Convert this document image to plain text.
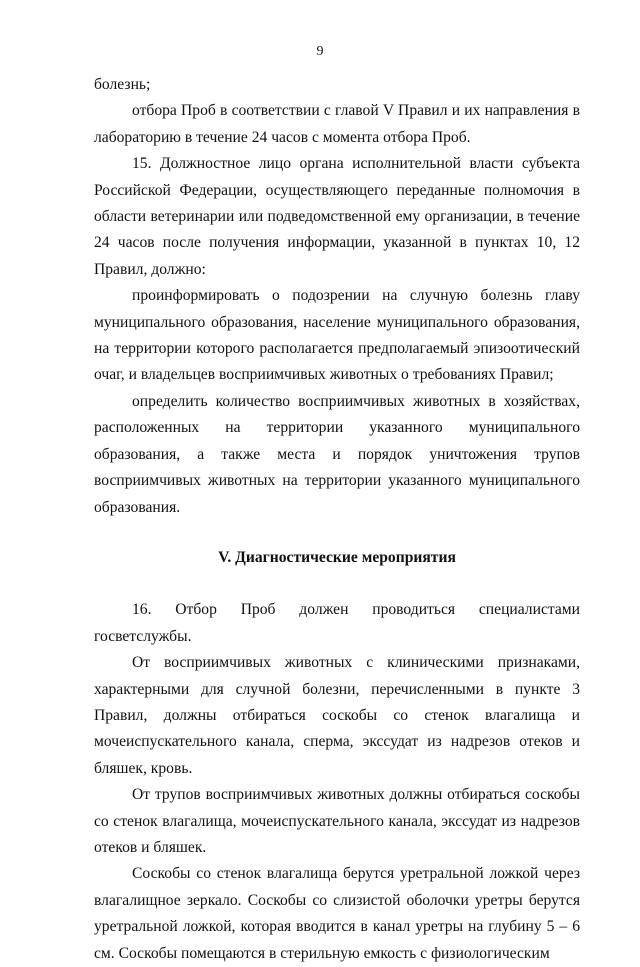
9

болезнь;

отбора Проб в соответствии с главой V Правил и их направления в лабораторию в течение 24 часов с момента отбора Проб.

15. Должностное лицо органа исполнительной власти субъекта Российской Федерации, осуществляющего переданные полномочия в области ветеринарии или подведомственной ему организации, в течение 24 часов после получения информации, указанной в пунктах 10, 12 Правил, должно:

проинформировать о подозрении на случную болезнь главу муниципального образования, население муниципального образования, на территории которого располагается предполагаемый эпизоотический очаг, и владельцев восприимчивых животных о требованиях Правил;

определить количество восприимчивых животных в хозяйствах, расположенных на территории указанного муниципального образования, а также места и порядок уничтожения трупов восприимчивых животных на территории указанного муниципального образования.

V. Диагностические мероприятия

16. Отбор Проб должен проводиться специалистами госветслужбы.

От восприимчивых животных с клиническими признаками, характерными для случной болезни, перечисленными в пункте 3 Правил, должны отбираться соскобы со стенок влагалища и мочеиспускательного канала, сперма, экссудат из надрезов отеков и бляшек, кровь.

От трупов восприимчивых животных должны отбираться соскобы со стенок влагалища, мочеиспускательного канала, экссудат из надрезов отеков и бляшек.

Соскобы со стенок влагалища берутся уретральной ложкой через влагалищное зеркало. Соскобы со слизистой оболочки уретры берутся уретральной ложкой, которая вводится в канал уретры на глубину 5 – 6 см. Соскобы помещаются в стерильную емкость с физиологическим
